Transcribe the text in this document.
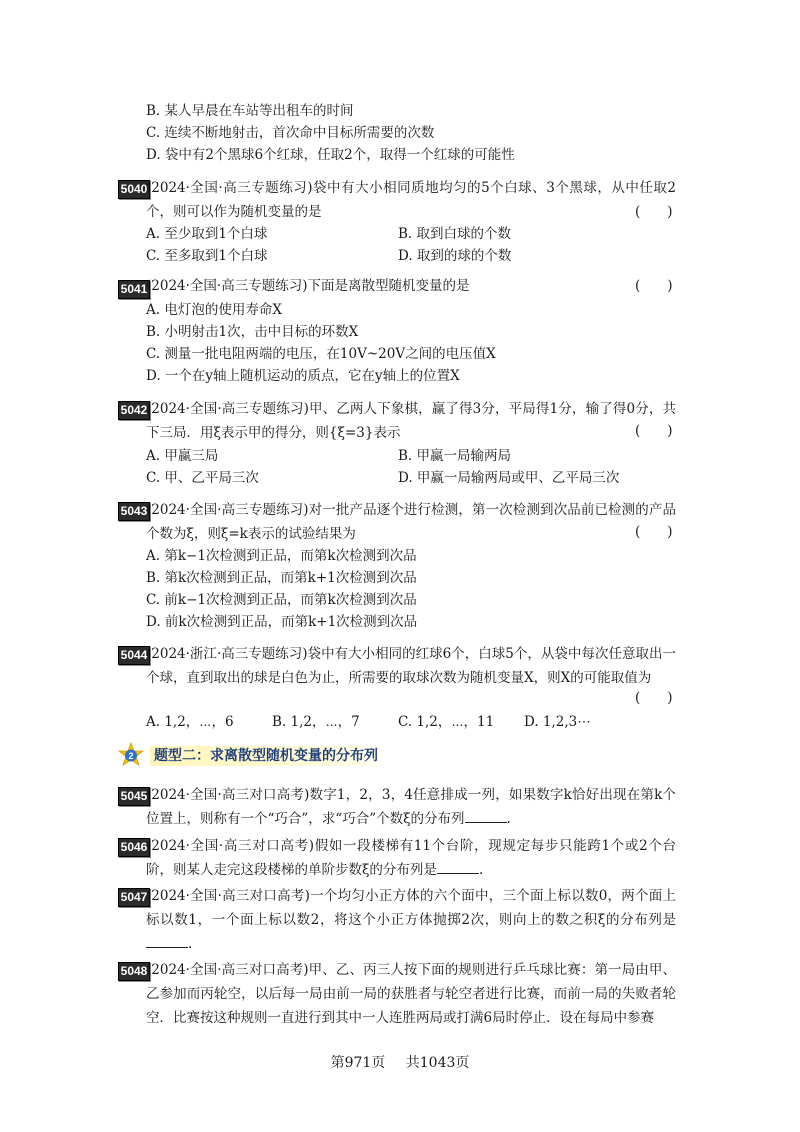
B. 某人早晨在车站等出租车的时间
C. 连续不断地射击，首次命中目标所需要的次数
D. 袋中有2个黑球6个红球，任取2个，取得一个红球的可能性
5040
(2024·全国·高三专题练习)袋中有大小相同质地均匀的5个白球、3个黑球，从中任取2个，则可以作为随机变量的是	(　　)
A. 至少取到1个白球	B. 取到白球的个数
C. 至多取到1个白球	D. 取到的球的个数
5041
(2024·全国·高三专题练习)下面是离散型随机变量的是	(　　)
A. 电灯泡的使用寿命X
B. 小明射击1次，击中目标的环数X
C. 测量一批电阻两端的电压，在10V~20V之间的电压值X
D. 一个在y轴上随机运动的质点，它在y轴上的位置X
5042
(2024·全国·高三专题练习)甲、乙两人下象棋，赢了得3分，平局得1分，输了得0分，共下三局．用ξ表示甲的得分，则{ξ=3}表示	(　　)
A. 甲赢三局	B. 甲赢一局输两局
C. 甲、乙平局三次	D. 甲赢一局输两局或甲、乙平局三次
5043
(2024·全国·高三专题练习)对一批产品逐个进行检测，第一次检测到次品前已检测的产品个数为ξ，则ξ=k表示的试验结果为	(　　)
A. 第k−1次检测到正品，而第k次检测到次品
B. 第k次检测到正品，而第k+1次检测到次品
C. 前k−1次检测到正品，而第k次检测到次品
D. 前k次检测到正品，而第k+1次检测到次品
5044
(2024·浙江·高三专题练习)袋中有大小相同的红球6个，白球5个，从袋中每次任意取出一个球，直到取出的球是白色为止，所需要的取球次数为随机变量X，则X的可能取值为
(　　)
A. 1,2，⋯，6	B. 1,2，⋯，7	C. 1,2，⋯，11 D. 1,2,3⋯
2 题型二：求离散型随机变量的分布列
5045
(2024·全国·高三对口高考)数字1，2，3，4任意排成一列，如果数字k恰好出现在第k个位置上，则称有一个“巧合”，求“巧合”个数ξ的分布列	.
5046
(2024·全国·高三对口高考)假如一段楼梯有11个台阶，现规定每步只能跨1个或2个台阶，则某人走完这段楼梯的单阶步数ξ的分布列是	.
5047
(2024·全国·高三对口高考)一个均匀小正方体的六个面中，三个面上标以数0，两个面上标以数1，一个面上标以数2，将这个小正方体抛掷2次，则向上的数之积ξ的分布列是.
5048
(2024·全国·高三对口高考)甲、乙、丙三人按下面的规则进行乒乓球比赛：第一局由甲、乙参加而丙轮空，以后每一局由前一局的获胜者与轮空者进行比赛，而前一局的失败者轮空．比赛按这种规则一直进行到其中一人连胜两局或打满6局时停止．设在每局中参赛
第971页 共1043页
